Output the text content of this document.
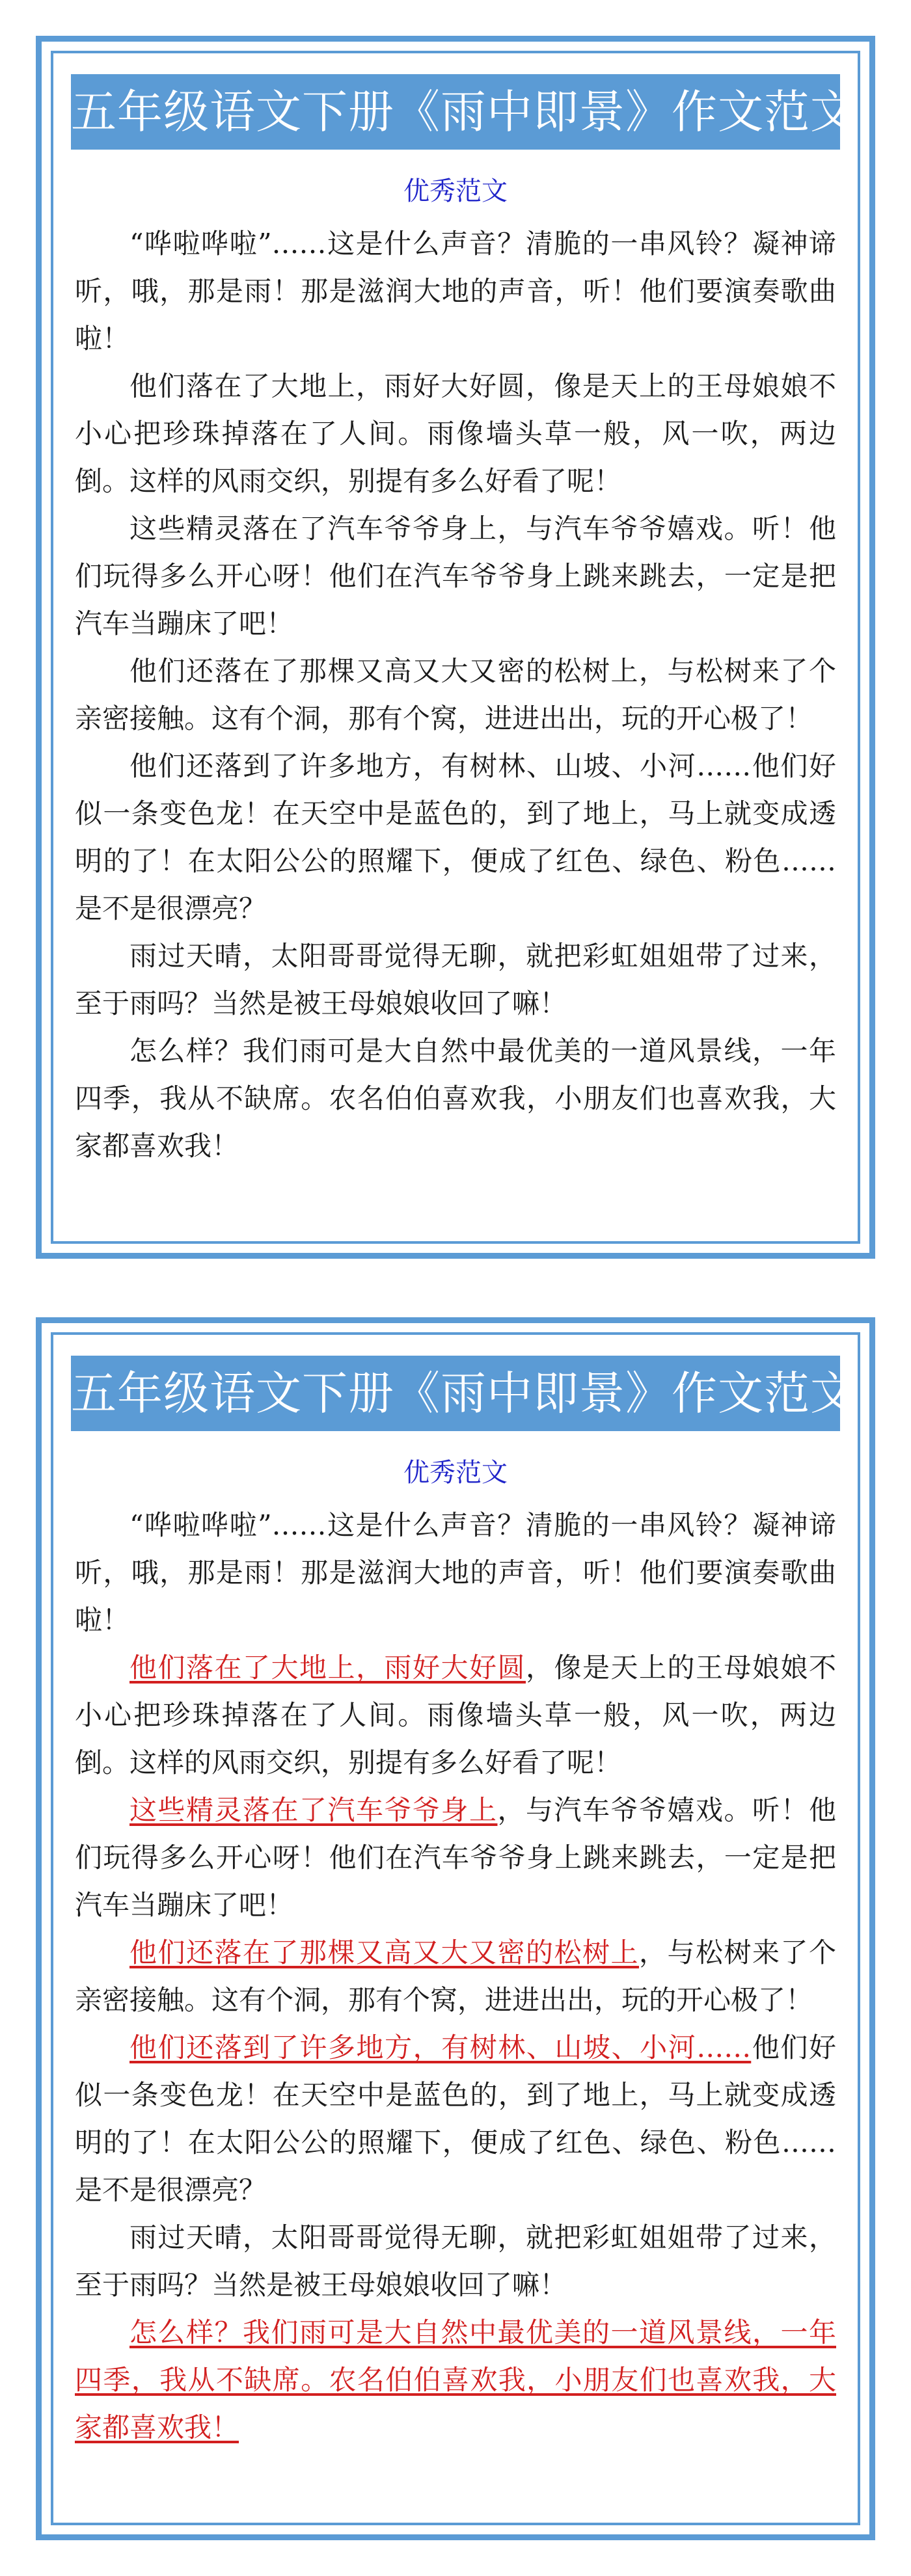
五年级语文下册《雨中即景》作文范文
优秀范文

“哗啦哗啦”……这是什么声音？清脆的一串风铃？凝神谛听，哦，那是雨！那是滋润大地的声音，听！他们要演奏歌曲啦！

他们落在了大地上，雨好大好圆，像是天上的王母娘娘不小心把珍珠掉落在了人间。雨像墙头草一般，风一吹，两边倒。这样的风雨交织，别提有多么好看了呢！

这些精灵落在了汽车爷爷身上，与汽车爷爷嬉戏。听！他们玩得多么开心呀！他们在汽车爷爷身上跳来跳去，一定是把汽车当蹦床了吧！

他们还落在了那棵又高又大又密的松树上，与松树来了个亲密接触。这有个洞，那有个窝，进进出出，玩的开心极了！

他们还落到了许多地方，有树林、山坡、小河……他们好似一条变色龙！在天空中是蓝色的，到了地上，马上就变成透明的了！在太阳公公的照耀下，便成了红色、绿色、粉色……是不是很漂亮？

雨过天晴，太阳哥哥觉得无聊，就把彩虹姐姐带了过来，至于雨吗？当然是被王母娘娘收回了嘛！

怎么样？我们雨可是大自然中最优美的一道风景线，一年四季，我从不缺席。农名伯伯喜欢我，小朋友们也喜欢我，大家都喜欢我！

五年级语文下册《雨中即景》作文范文
优秀范文

“哗啦哗啦”……这是什么声音？清脆的一串风铃？凝神谛听，哦，那是雨！那是滋润大地的声音，听！他们要演奏歌曲啦！

他们落在了大地上，雨好大好圆，像是天上的王母娘娘不小心把珍珠掉落在了人间。雨像墙头草一般，风一吹，两边倒。这样的风雨交织，别提有多么好看了呢！

这些精灵落在了汽车爷爷身上，与汽车爷爷嬉戏。听！他们玩得多么开心呀！他们在汽车爷爷身上跳来跳去，一定是把汽车当蹦床了吧！

他们还落在了那棵又高又大又密的松树上，与松树来了个亲密接触。这有个洞，那有个窝，进进出出，玩的开心极了！

他们还落到了许多地方，有树林、山坡、小河……他们好似一条变色龙！在天空中是蓝色的，到了地上，马上就变成透明的了！在太阳公公的照耀下，便成了红色、绿色、粉色……是不是很漂亮？

雨过天晴，太阳哥哥觉得无聊，就把彩虹姐姐带了过来，至于雨吗？当然是被王母娘娘收回了嘛！

怎么样？我们雨可是大自然中最优美的一道风景线，一年四季，我从不缺席。农名伯伯喜欢我，小朋友们也喜欢我，大家都喜欢我！
